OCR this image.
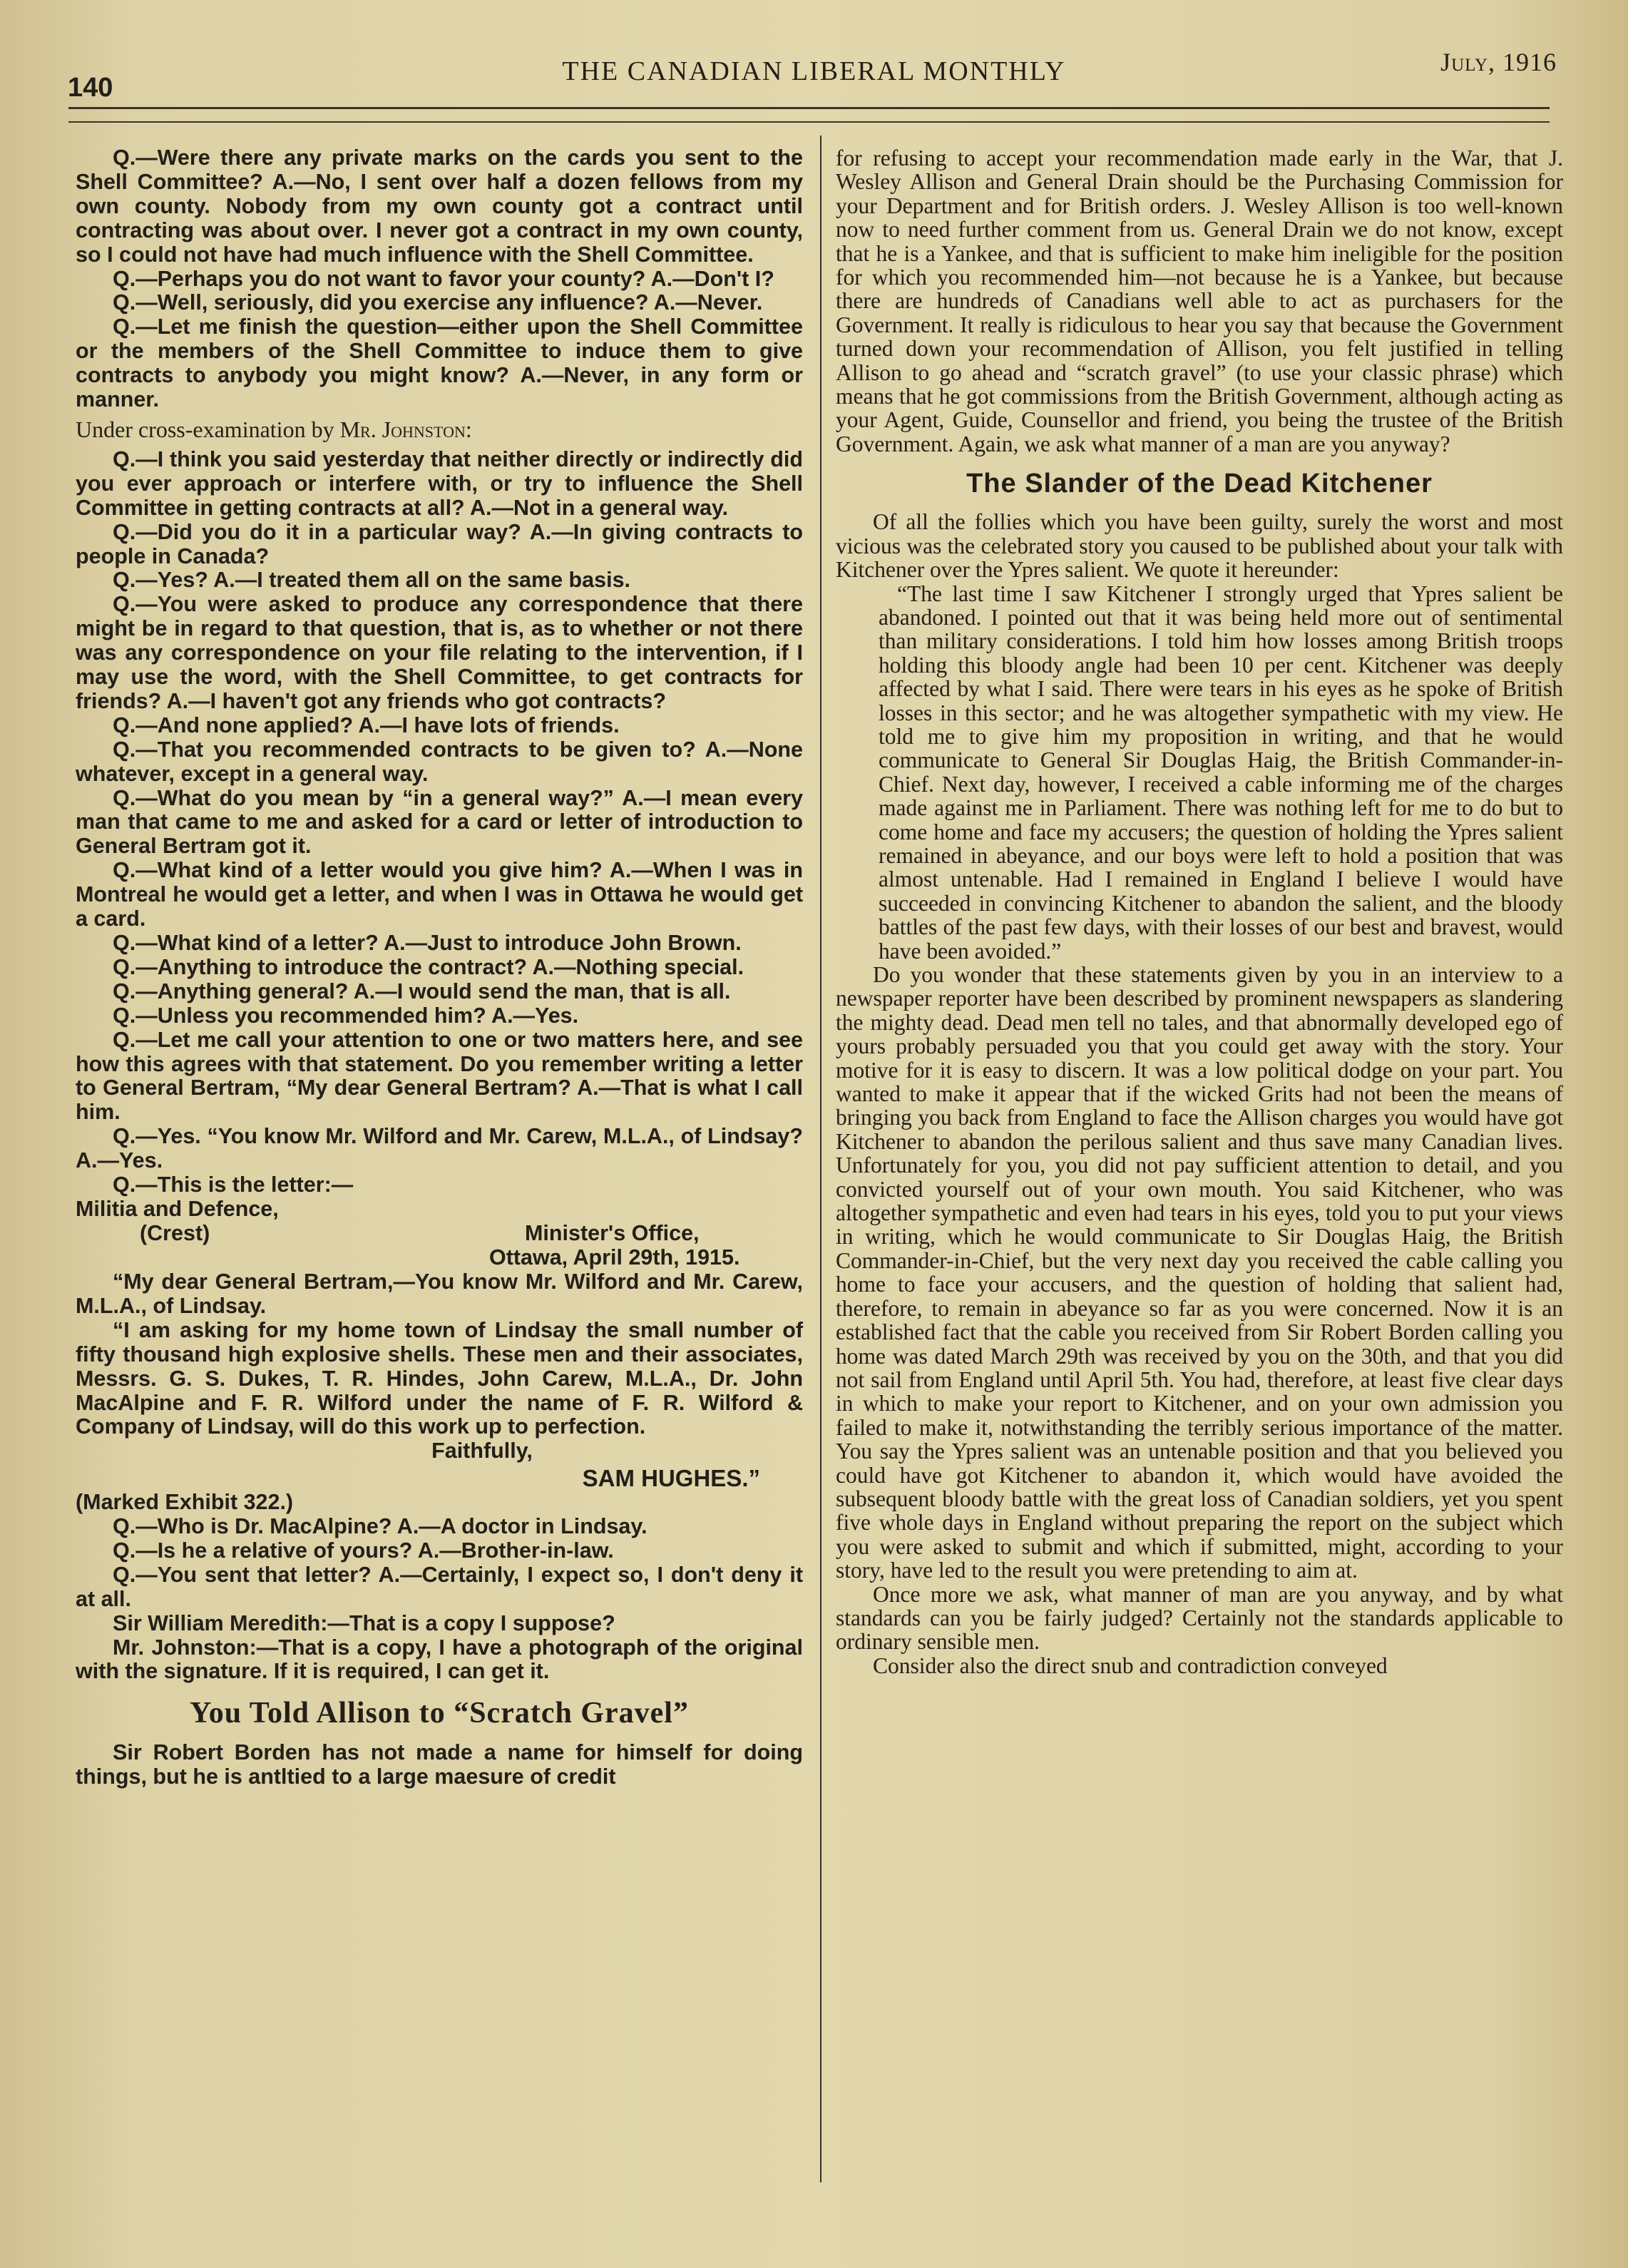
140
THE CANADIAN LIBERAL MONTHLY	July, 1916

Q.—Were there any private marks on the cards you sent to the Shell Committee? A.—No, I sent over half a dozen fellows from my own county. Nobody from my own county got a contract until contracting was about over. I never got a contract in my own county, so I could not have had much influence with the Shell Committee.

Q.—Perhaps you do not want to favor your county? A.—Don't I?

Q.—Well, seriously, did you exercise any influence? A.—Never.

Q.—Let me finish the question—either upon the Shell Committee or the members of the Shell Committee to induce them to give contracts to anybody you might know? A.—Never, in any form or manner.

Under cross-examination by Mr. Johnston:

Q.—I think you said yesterday that neither directly or indirectly did you ever approach or interfere with, or try to influence the Shell Committee in getting contracts at all? A.—Not in a general way.

Q.—Did you do it in a particular way? A.—In giving contracts to people in Canada?

Q.—Yes? A.—I treated them all on the same basis.

Q.—You were asked to produce any correspondence that there might be in regard to that question, that is, as to whether or not there was any correspondence on your file relating to the intervention, if I may use the word, with the Shell Committee, to get contracts for friends? A.—I haven't got any friends who got contracts?

Q.—And none applied? A.—I have lots of friends.

Q.—That you recommended contracts to be given to? A.—None whatever, except in a general way.

Q.—What do you mean by “in a general way?” A.—I mean every man that came to me and asked for a card or letter of introduction to General Bertram got it.

Q.—What kind of a letter would you give him? A.—When I was in Montreal he would get a letter, and when I was in Ottawa he would get a card.

Q.—What kind of a letter? A.—Just to introduce John Brown.

Q.—Anything to introduce the contract? A.—Nothing special.

Q.—Anything general? A.—I would send the man, that is all.

Q.—Unless you recommended him? A.—Yes.

Q.—Let me call your attention to one or two matters here, and see how this agrees with that statement. Do you remember writing a letter to General Bertram, “My dear General Bertram? A.—That is what I call him.

Q.—Yes. “You know Mr. Wilford and Mr. Carew, M.L.A., of Lindsay? A.—Yes.

Q.—This is the letter:—

Militia and Defence,
(Crest)	Minister's Office,
Ottawa, April 29th, 1915.

“My dear General Bertram,—You know Mr. Wilford and Mr. Carew, M.L.A., of Lindsay.

“I am asking for my home town of Lindsay the small number of fifty thousand high explosive shells. These men and their associates, Messrs. G. S. Dukes, T. R. Hindes, John Carew, M.L.A., Dr. John MacAlpine and F. R. Wilford under the name of F. R. Wilford & Company of Lindsay, will do this work up to perfection.

Faithfully,

SAM HUGHES.”

(Marked Exhibit 322.)

Q.—Who is Dr. MacAlpine? A.—A doctor in Lindsay.

Q.—Is he a relative of yours? A.—Brother-in-law.

Q.—You sent that letter? A.—Certainly, I expect so, I don't deny it at all.

Sir William Meredith:—That is a copy I suppose?

Mr. Johnston:—That is a copy, I have a photograph of the original with the signature. If it is required, I can get it.

You Told Allison to “Scratch Gravel”

Sir Robert Borden has not made a name for himself for doing things, but he is antltied to a large maesure of credit

for refusing to accept your recommendation made early in the War, that J. Wesley Allison and General Drain should be the Purchasing Commission for your Department and for British orders. J. Wesley Allison is too well-known now to need further comment from us. General Drain we do not know, except that he is a Yankee, and that is sufficient to make him ineligible for the position for which you recommended him—not because he is a Yankee, but because there are hundreds of Canadians well able to act as purchasers for the Government. It really is ridiculous to hear you say that because the Government turned down your recommendation of Allison, you felt justified in telling Allison to go ahead and “scratch gravel” (to use your classic phrase) which means that he got commissions from the British Government, although acting as your Agent, Guide, Counsellor and friend, you being the trustee of the British Government. Again, we ask what manner of a man are you anyway?

The Slander of the Dead Kitchener

Of all the follies which you have been guilty, surely the worst and most vicious was the celebrated story you caused to be published about your talk with Kitchener over the Ypres salient. We quote it hereunder:

“The last time I saw Kitchener I strongly urged that Ypres salient be abandoned. I pointed out that it was being held more out of sentimental than military considerations. I told him how losses among British troops holding this bloody angle had been 10 per cent. Kitchener was deeply affected by what I said. There were tears in his eyes as he spoke of British losses in this sector; and he was altogether sympathetic with my view. He told me to give him my proposition in writing, and that he would communicate to General Sir Douglas Haig, the British Commander-in-Chief. Next day, however, I received a cable informing me of the charges made against me in Parliament. There was nothing left for me to do but to come home and face my accusers; the question of holding the Ypres salient remained in abeyance, and our boys were left to hold a position that was almost untenable. Had I remained in England I believe I would have succeeded in convincing Kitchener to abandon the salient, and the bloody battles of the past few days, with their losses of our best and bravest, would have been avoided.”

Do you wonder that these statements given by you in an interview to a newspaper reporter have been described by prominent newspapers as slandering the mighty dead. Dead men tell no tales, and that abnormally developed ego of yours probably persuaded you that you could get away with the story. Your motive for it is easy to discern. It was a low political dodge on your part. You wanted to make it appear that if the wicked Grits had not been the means of bringing you back from England to face the Allison charges you would have got Kitchener to abandon the perilous salient and thus save many Canadian lives. Unfortunately for you, you did not pay sufficient attention to detail, and you convicted yourself out of your own mouth. You said Kitchener, who was altogether sympathetic and even had tears in his eyes, told you to put your views in writing, which he would communicate to Sir Douglas Haig, the British Commander-in-Chief, but the very next day you received the cable calling you home to face your accusers, and the question of holding that salient had, therefore, to remain in abeyance so far as you were concerned. Now it is an established fact that the cable you received from Sir Robert Borden calling you home was dated March 29th was received by you on the 30th, and that you did not sail from England until April 5th. You had, therefore, at least five clear days in which to make your report to Kitchener, and on your own admission you failed to make it, notwithstanding the terribly serious importance of the matter. You say the Ypres salient was an untenable position and that you believed you could have got Kitchener to abandon it, which would have avoided the subsequent bloody battle with the great loss of Canadian soldiers, yet you spent five whole days in England without preparing the report on the subject which you were asked to submit and which if submitted, might, according to your story, have led to the result you were pretending to aim at.

Once more we ask, what manner of man are you anyway, and by what standards can you be fairly judged? Certainly not the standards applicable to ordinary sensible men.

Consider also the direct snub and contradiction conveyed
